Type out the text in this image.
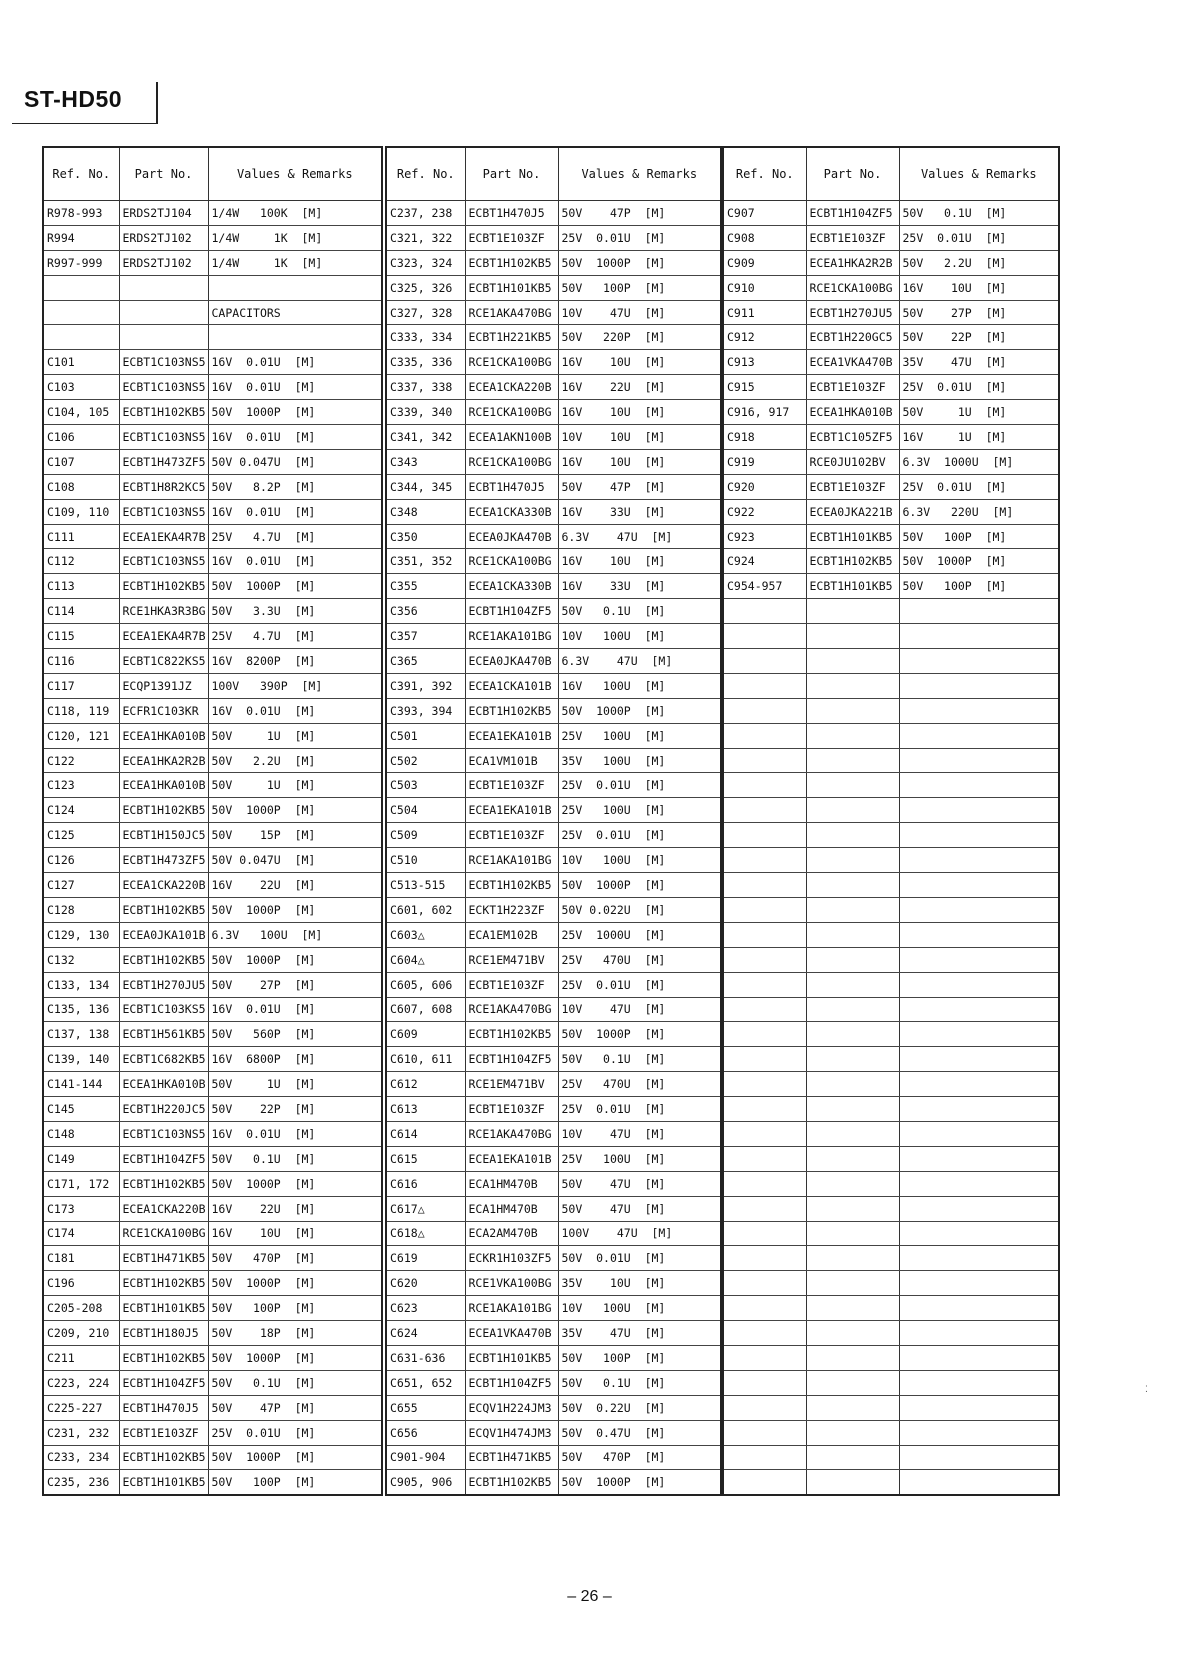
ST-HD50
Ref. No.	Part No.	Values & Remarks
R978-993	ERDS2TJ104	1/4W   100K  [M]
R994	ERDS2TJ102	1/4W     1K  [M]
R997-999	ERDS2TJ102	1/4W     1K  [M]

		CAPACITORS

C101	ECBT1C103NS5	16V  0.01U  [M]
C103	ECBT1C103NS5	16V  0.01U  [M]
C104, 105	ECBT1H102KB5	50V  1000P  [M]
C106	ECBT1C103NS5	16V  0.01U  [M]
C107	ECBT1H473ZF5	50V 0.047U  [M]
C108	ECBT1H8R2KC5	50V   8.2P  [M]
C109, 110	ECBT1C103NS5	16V  0.01U  [M]
C111	ECEA1EKA4R7B	25V   4.7U  [M]
C112	ECBT1C103NS5	16V  0.01U  [M]
C113	ECBT1H102KB5	50V  1000P  [M]
C114	RCE1HKA3R3BG	50V   3.3U  [M]
C115	ECEA1EKA4R7B	25V   4.7U  [M]
C116	ECBT1C822KS5	16V  8200P  [M]
C117	ECQP1391JZ	100V   390P  [M]
C118, 119	ECFR1C103KR	16V  0.01U  [M]
C120, 121	ECEA1HKA010B	50V     1U  [M]
C122	ECEA1HKA2R2B	50V   2.2U  [M]
C123	ECEA1HKA010B	50V     1U  [M]
C124	ECBT1H102KB5	50V  1000P  [M]
C125	ECBT1H150JC5	50V    15P  [M]
C126	ECBT1H473ZF5	50V 0.047U  [M]
C127	ECEA1CKA220B	16V    22U  [M]
C128	ECBT1H102KB5	50V  1000P  [M]
C129, 130	ECEA0JKA101B	6.3V   100U  [M]
C132	ECBT1H102KB5	50V  1000P  [M]
C133, 134	ECBT1H270JU5	50V    27P  [M]
C135, 136	ECBT1C103KS5	16V  0.01U  [M]
C137, 138	ECBT1H561KB5	50V   560P  [M]
C139, 140	ECBT1C682KB5	16V  6800P  [M]
C141-144	ECEA1HKA010B	50V     1U  [M]
C145	ECBT1H220JC5	50V    22P  [M]
C148	ECBT1C103NS5	16V  0.01U  [M]
C149	ECBT1H104ZF5	50V   0.1U  [M]
C171, 172	ECBT1H102KB5	50V  1000P  [M]
C173	ECEA1CKA220B	16V    22U  [M]
C174	RCE1CKA100BG	16V    10U  [M]
C181	ECBT1H471KB5	50V   470P  [M]
C196	ECBT1H102KB5	50V  1000P  [M]
C205-208	ECBT1H101KB5	50V   100P  [M]
C209, 210	ECBT1H180J5	50V    18P  [M]
C211	ECBT1H102KB5	50V  1000P  [M]
C223, 224	ECBT1H104ZF5	50V   0.1U  [M]
C225-227	ECBT1H470J5	50V    47P  [M]
C231, 232	ECBT1E103ZF	25V  0.01U  [M]
C233, 234	ECBT1H102KB5	50V  1000P  [M]
C235, 236	ECBT1H101KB5	50V   100P  [M]
Ref. No.	Part No.	Values & Remarks
C237, 238	ECBT1H470J5	50V    47P  [M]
C321, 322	ECBT1E103ZF	25V  0.01U  [M]
C323, 324	ECBT1H102KB5	50V  1000P  [M]
C325, 326	ECBT1H101KB5	50V   100P  [M]
C327, 328	RCE1AKA470BG	10V    47U  [M]
C333, 334	ECBT1H221KB5	50V   220P  [M]
C335, 336	RCE1CKA100BG	16V    10U  [M]
C337, 338	ECEA1CKA220B	16V    22U  [M]
C339, 340	RCE1CKA100BG	16V    10U  [M]
C341, 342	ECEA1AKN100B	10V    10U  [M]
C343	RCE1CKA100BG	16V    10U  [M]
C344, 345	ECBT1H470J5	50V    47P  [M]
C348	ECEA1CKA330B	16V    33U  [M]
C350	ECEA0JKA470B	6.3V    47U  [M]
C351, 352	RCE1CKA100BG	16V    10U  [M]
C355	ECEA1CKA330B	16V    33U  [M]
C356	ECBT1H104ZF5	50V   0.1U  [M]
C357	RCE1AKA101BG	10V   100U  [M]
C365	ECEA0JKA470B	6.3V    47U  [M]
C391, 392	ECEA1CKA101B	16V   100U  [M]
C393, 394	ECBT1H102KB5	50V  1000P  [M]
C501	ECEA1EKA101B	25V   100U  [M]
C502	ECA1VM101B	35V   100U  [M]
C503	ECBT1E103ZF	25V  0.01U  [M]
C504	ECEA1EKA101B	25V   100U  [M]
C509	ECBT1E103ZF	25V  0.01U  [M]
C510	RCE1AKA101BG	10V   100U  [M]
C513-515	ECBT1H102KB5	50V  1000P  [M]
C601, 602	ECKT1H223ZF	50V 0.022U  [M]
C603△	ECA1EM102B	25V  1000U  [M]
C604△	RCE1EM471BV	25V   470U  [M]
C605, 606	ECBT1E103ZF	25V  0.01U  [M]
C607, 608	RCE1AKA470BG	10V    47U  [M]
C609	ECBT1H102KB5	50V  1000P  [M]
C610, 611	ECBT1H104ZF5	50V   0.1U  [M]
C612	RCE1EM471BV	25V   470U  [M]
C613	ECBT1E103ZF	25V  0.01U  [M]
C614	RCE1AKA470BG	10V    47U  [M]
C615	ECEA1EKA101B	25V   100U  [M]
C616	ECA1HM470B	50V    47U  [M]
C617△	ECA1HM470B	50V    47U  [M]
C618△	ECA2AM470B	100V    47U  [M]
C619	ECKR1H103ZF5	50V  0.01U  [M]
C620	RCE1VKA100BG	35V    10U  [M]
C623	RCE1AKA101BG	10V   100U  [M]
C624	ECEA1VKA470B	35V    47U  [M]
C631-636	ECBT1H101KB5	50V   100P  [M]
C651, 652	ECBT1H104ZF5	50V   0.1U  [M]
C655	ECQV1H224JM3	50V  0.22U  [M]
C656	ECQV1H474JM3	50V  0.47U  [M]
C901-904	ECBT1H471KB5	50V   470P  [M]
C905, 906	ECBT1H102KB5	50V  1000P  [M]
Ref. No.	Part No.	Values & Remarks
C907	ECBT1H104ZF5	50V   0.1U  [M]
C908	ECBT1E103ZF	25V  0.01U  [M]
C909	ECEA1HKA2R2B	50V   2.2U  [M]
C910	RCE1CKA100BG	16V    10U  [M]
C911	ECBT1H270JU5	50V    27P  [M]
C912	ECBT1H220GC5	50V    22P  [M]
C913	ECEA1VKA470B	35V    47U  [M]
C915	ECBT1E103ZF	25V  0.01U  [M]
C916, 917	ECEA1HKA010B	50V     1U  [M]
C918	ECBT1C105ZF5	16V     1U  [M]
C919	RCE0JU102BV	6.3V  1000U  [M]
C920	ECBT1E103ZF	25V  0.01U  [M]
C922	ECEA0JKA221B	6.3V   220U  [M]
C923	ECBT1H101KB5	50V   100P  [M]
C924	ECBT1H102KB5	50V  1000P  [M]
C954-957	ECBT1H101KB5	50V   100P  [M]

– 26 –
⁚
